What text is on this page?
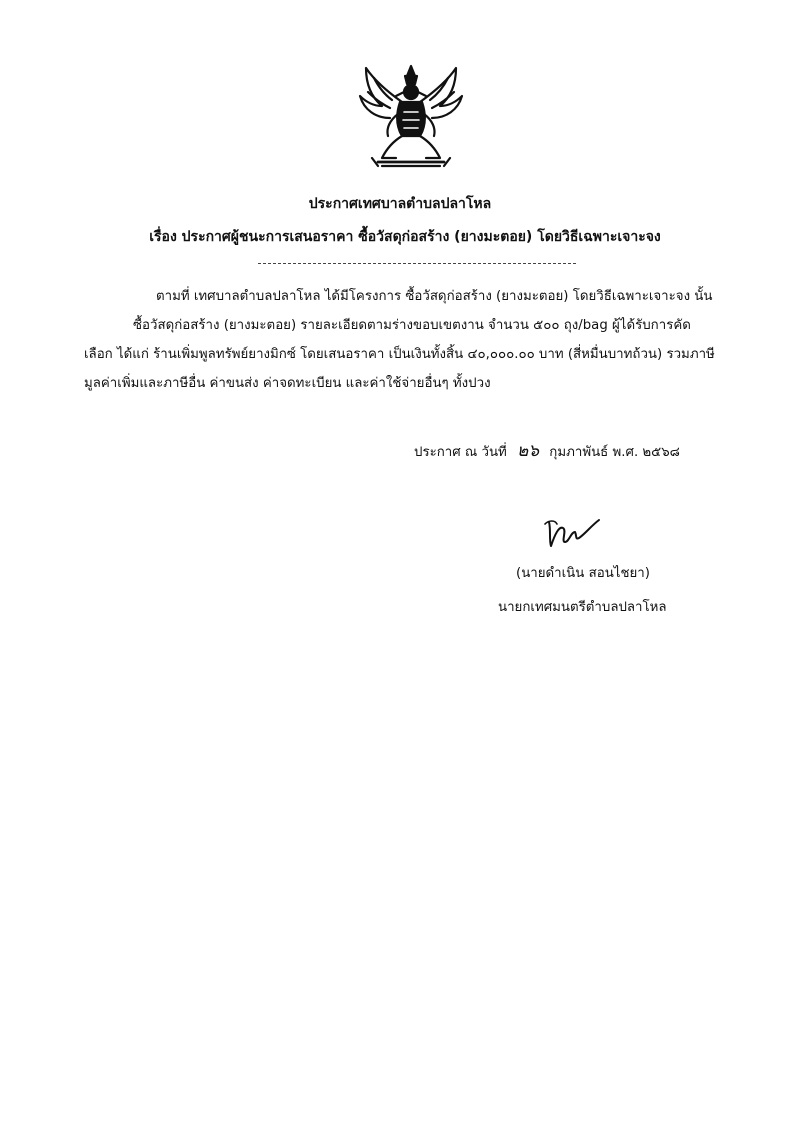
ประกาศเทศบาลตำบลปลาโหล
เรื่อง ประกาศผู้ชนะการเสนอราคา ซื้อวัสดุก่อสร้าง (ยางมะตอย) โดยวิธีเฉพาะเจาะจง
ตามที่ เทศบาลตำบลปลาโหล ได้มีโครงการ ซื้อวัสดุก่อสร้าง (ยางมะตอย) โดยวิธีเฉพาะเจาะจง นั้น
ซื้อวัสดุก่อสร้าง (ยางมะตอย) รายละเอียดตามร่างขอบเขตงาน จำนวน ๕๐๐ ถุง/bag ผู้ได้รับการคัด
เลือก ได้แก่ ร้านเพิ่มพูลทรัพย์ยางมิกซ์ โดยเสนอราคา เป็นเงินทั้งสิ้น ๔๐,๐๐๐.๐๐ บาท (สี่หมื่นบาทถ้วน) รวมภาษี
มูลค่าเพิ่มและภาษีอื่น ค่าขนส่ง ค่าจดทะเบียน และค่าใช้จ่ายอื่นๆ ทั้งปวง
ประกาศ ณ วันที่ ๒๖ กุมภาพันธ์ พ.ศ. ๒๕๖๘
(นายดำเนิน สอนไชยา)
นายกเทศมนตรีตำบลปลาโหล
